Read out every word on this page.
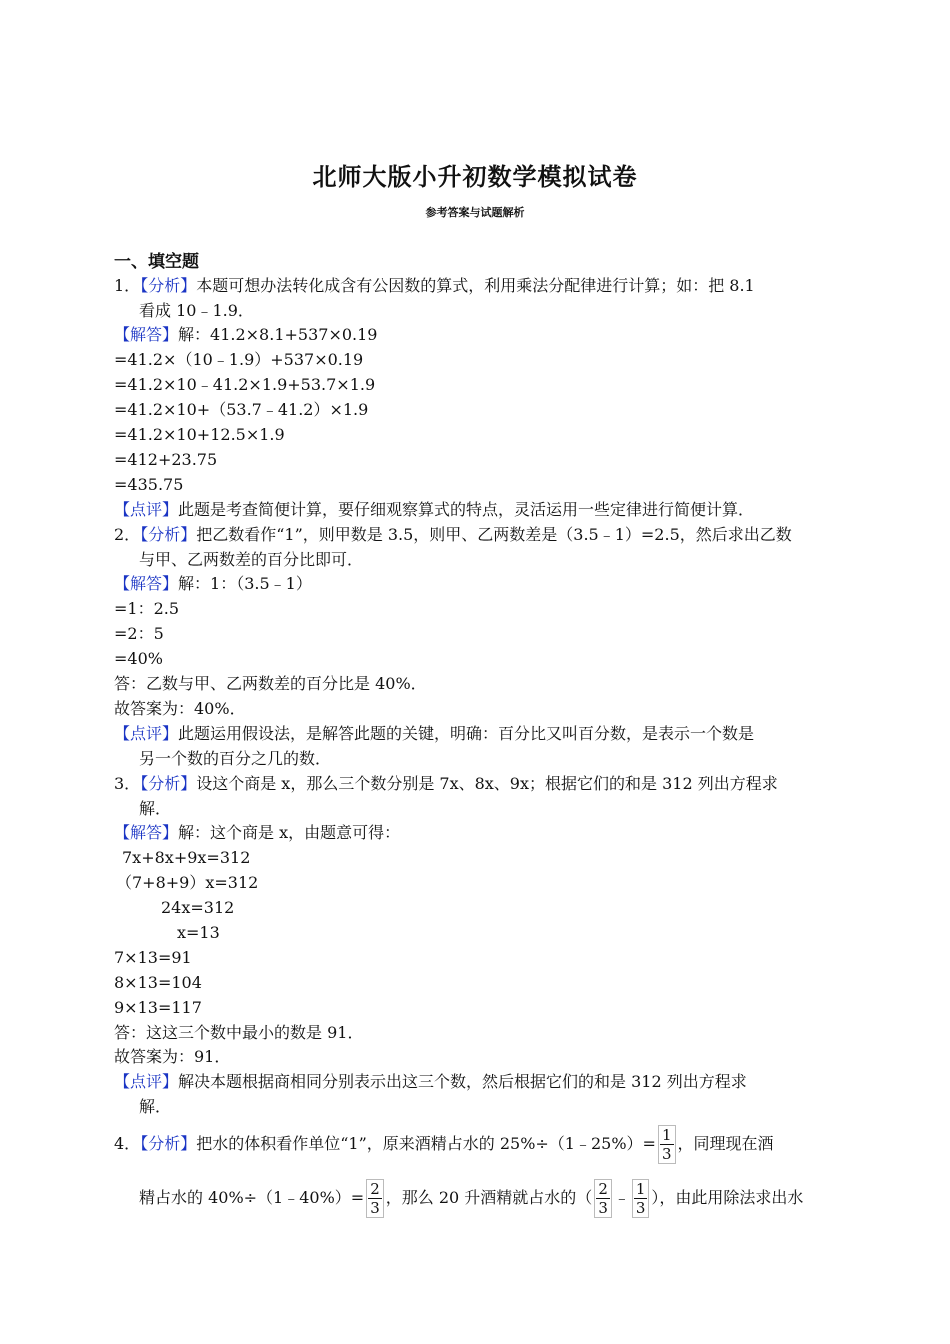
北师大版小升初数学模拟试卷
参考答案与试题解析
一、填空题
1．【分析】本题可想办法转化成含有公因数的算式，利用乘法分配律进行计算；如：把 8.1
看成 10﹣1.9．
【解答】解：41.2×8.1+537×0.19
=41.2×（10﹣1.9）+537×0.19
=41.2×10﹣41.2×1.9+53.7×1.9
=41.2×10+（53.7﹣41.2）×1.9
=41.2×10+12.5×1.9
=412+23.75
=435.75
【点评】此题是考查简便计算，要仔细观察算式的特点，灵活运用一些定律进行简便计算．
2．【分析】把乙数看作“1”，则甲数是 3.5，则甲、乙两数差是（3.5﹣1）=2.5，然后求出乙数
与甲、乙两数差的百分比即可．
【解答】解：1：（3.5﹣1）
=1：2.5
=2：5
=40%
答：乙数与甲、乙两数差的百分比是 40%．
故答案为：40%．
【点评】此题运用假设法，是解答此题的关键，明确：百分比又叫百分数，是表示一个数是
另一个数的百分之几的数．
3．【分析】设这个商是 x，那么三个数分别是 7x、8x、9x；根据它们的和是 312 列出方程求
解．
【解答】解：这个商是 x，由题意可得：
7x+8x+9x=312
（7+8+9）x=312
24x=312
x=13
7×13=91
8×13=104
9×13=117
答：这这三个数中最小的数是 91．
故答案为：91．
【点评】解决本题根据商相同分别表示出这三个数，然后根据它们的和是 312 列出方程求
解．
4．【分析】把水的体积看作单位“1”，原来酒精占水的 25%÷（1﹣25%）= $\frac{1}{3}$ ，同理现在酒
精占水的 40%÷（1﹣40%）= $\frac{2}{3}$ ，那么 20 升酒精就占水的（ $\frac{2}{3}$ ﹣ $\frac{1}{3}$ ），由此用除法求出水
